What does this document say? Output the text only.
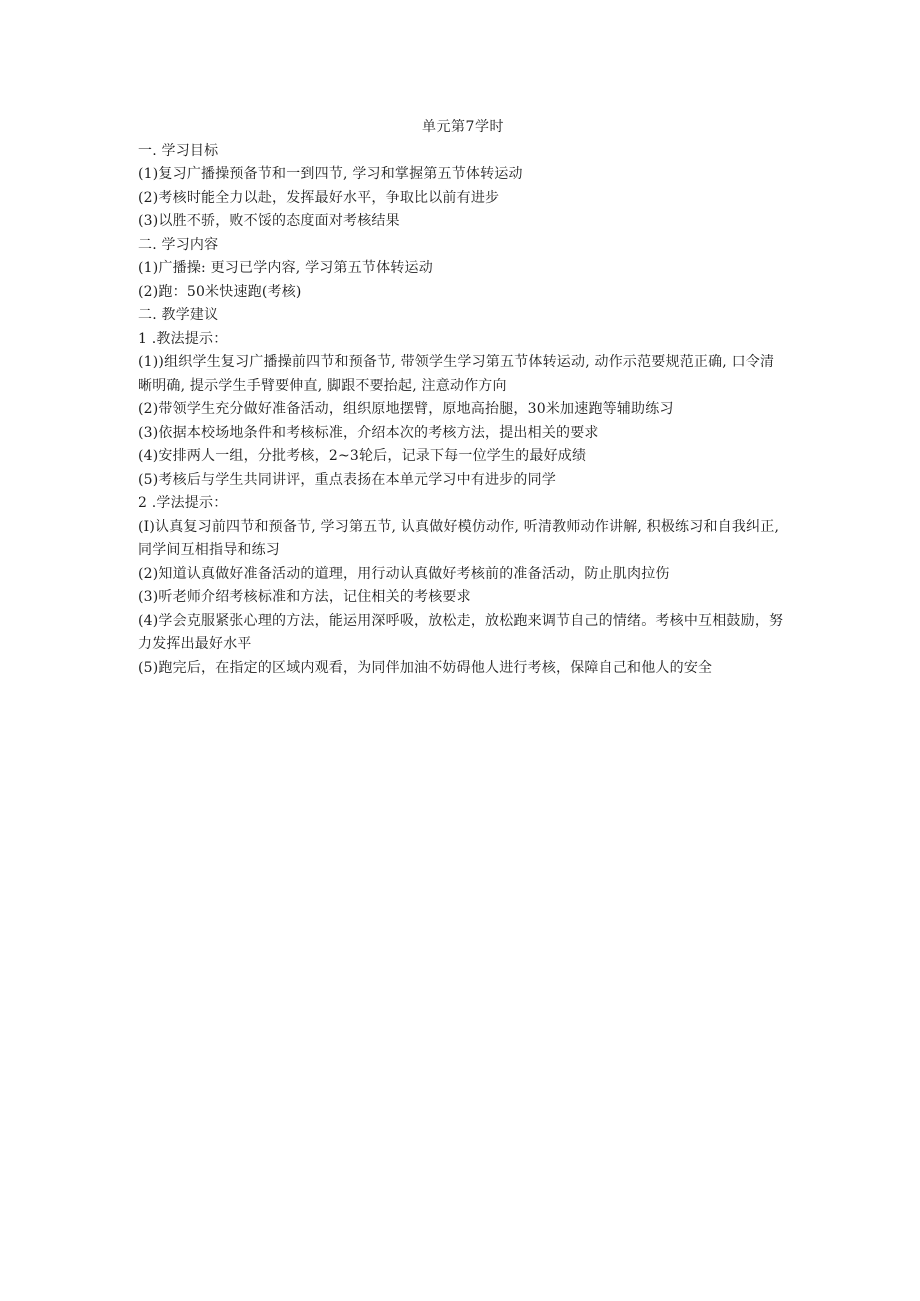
单元第7学时
一. 学习目标
(1)复习广播操预备节和一到四节, 学习和掌握第五节体转运动
(2)考核时能全力以赴，发挥最好水平，争取比以前有进步
(3)以胜不骄，败不馁的态度面对考核结果
二. 学习内容
(1)广播操: 更习已学内容, 学习第五节体转运动
(2)跑：50米快速跑(考核)
二. 教学建议
1 .教法提示：
(1))组织学生复习广播操前四节和预备节, 带领学生学习第五节体转运动, 动作示范要规范正确, 口令清晰明确, 提示学生手臂要伸直, 脚跟不要抬起, 注意动作方向
(2)带领学生充分做好准备活动，组织原地摆臂，原地高抬腿，30米加速跑等辅助练习
(3)依据本校场地条件和考核标准，介绍本次的考核方法，提出相关的要求
(4)安排两人一组，分批考核，2~3轮后，记录下每一位学生的最好成绩
(5)考核后与学生共同讲评，重点表扬在本单元学习中有进步的同学
2 .学法提示：
(I)认真复习前四节和预备节, 学习第五节, 认真做好模仿动作, 听清教师动作讲解, 积极练习和自我纠正, 同学间互相指导和练习
(2)知道认真做好准备活动的道理，用行动认真做好考核前的准备活动，防止肌肉拉伤
(3)听老师介绍考核标准和方法，记住相关的考核要求
(4)学会克服紧张心理的方法，能运用深呼吸，放松走，放松跑来调节自己的情绪。考核中互相鼓励，努力发挥出最好水平
(5)跑完后，在指定的区域内观看，为同伴加油不妨碍他人进行考核，保障自己和他人的安全
